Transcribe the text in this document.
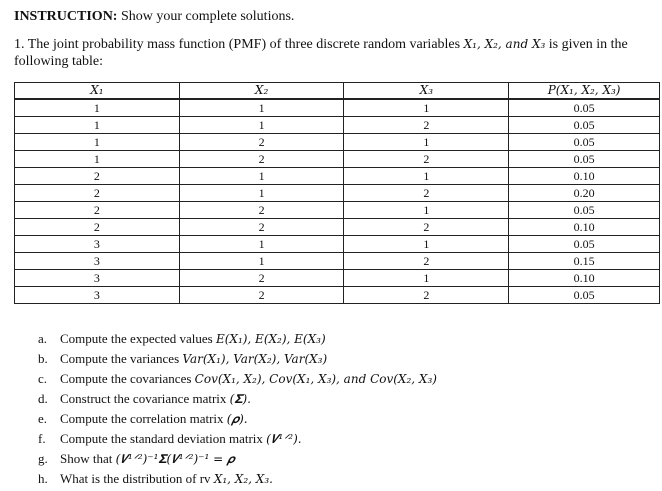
INSTRUCTION: Show your complete solutions.
1. The joint probability mass function (PMF) of three discrete random variables X₁, X₂, and X₃ is given in the following table:
X₁	X₂	X₃	P(X₁, X₂, X₃)
1	1	1	0.05
1	1	2	0.05
1	2	1	0.05
1	2	2	0.05
2	1	1	0.10
2	1	2	0.20
2	2	1	0.05
2	2	2	0.10
3	1	1	0.05
3	1	2	0.15
3	2	1	0.10
3	2	2	0.05
a. Compute the expected values E(X₁), E(X₂), E(X₃)
b. Compute the variances Var(X₁), Var(X₂), Var(X₃)
c. Compute the covariances Cov(X₁, X₂), Cov(X₁, X₃), and Cov(X₂, X₃)
d. Construct the covariance matrix (𝚺).
e. Compute the correlation matrix (𝝆).
f. Compute the standard deviation matrix (𝑽¹ᐟ²).
g. Show that (𝑽¹ᐟ²)⁻¹𝚺(𝑽¹ᐟ²)⁻¹ = 𝝆
h. What is the distribution of rv X₁, X₂, X₃.
